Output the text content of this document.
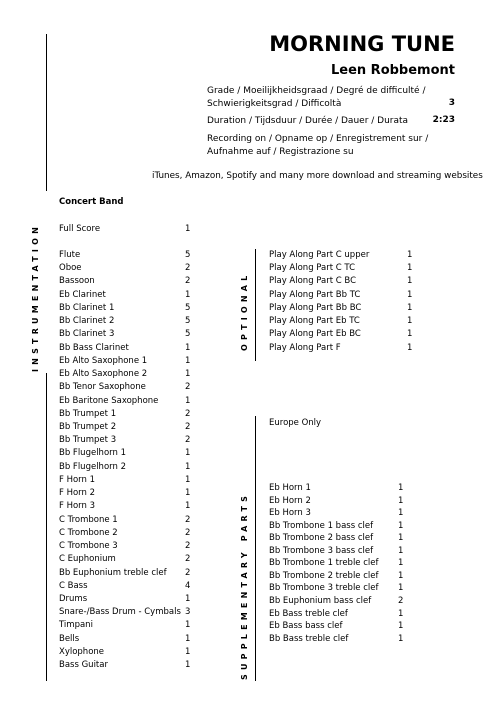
MORNING TUNE
Leen Robbemont
Grade / Moeilijkheidsgraad / Degré de difficulté /
Schwierigkeitsgrad / Difficoltà	3
Duration / Tijdsduur / Durée / Dauer / Durata	2:23
Recording on / Opname op / Enregistrement sur /
Aufnahme auf / Registrazione su
iTunes, Amazon, Spotify and many more download and streaming websites
INSTRUMENTATION	OPTIONAL
SUPPLEMENTARY PARTS
Concert Band
Full Score	1
Flute	5
Oboe	2
Bassoon	2
Eb Clarinet	1
Bb Clarinet 1	5
Bb Clarinet 2	5
Bb Clarinet 3	5
Bb Bass Clarinet	1
Eb Alto Saxophone 1	1
Eb Alto Saxophone 2	1
Bb Tenor Saxophone	2
Eb Baritone Saxophone	1
Bb Trumpet 1	2
Bb Trumpet 2	2
Bb Trumpet 3	2
Bb Flugelhorn 1	1
Bb Flugelhorn 2	1
F Horn 1	1
F Horn 2	1
F Horn 3	1
C Trombone 1	2
C Trombone 2	2
C Trombone 3	2
C Euphonium	2
Bb Euphonium treble clef 2
C Bass	4
Drums	1
Snare-/Bass Drum - Cymbals 3
Timpani	1
Bells	1
Xylophone	1
Bass Guitar	1
Play Along Part C upper	1
Play Along Part C TC	1
Play Along Part C BC	1
Play Along Part Bb TC	1
Play Along Part Bb BC	1
Play Along Part Eb TC	1
Play Along Part Eb BC	1
Play Along Part F	1
Europe Only
Eb Horn 1	1
Eb Horn 2	1
Eb Horn 3	1
Bb Trombone 1 bass clef	1
Bb Trombone 2 bass clef	1
Bb Trombone 3 bass clef	1
Bb Trombone 1 treble clef 1
Bb Trombone 2 treble clef 1
Bb Trombone 3 treble clef 1
Bb Euphonium bass clef	2
Eb Bass treble clef	1
Eb Bass bass clef	1
Bb Bass treble clef	1
